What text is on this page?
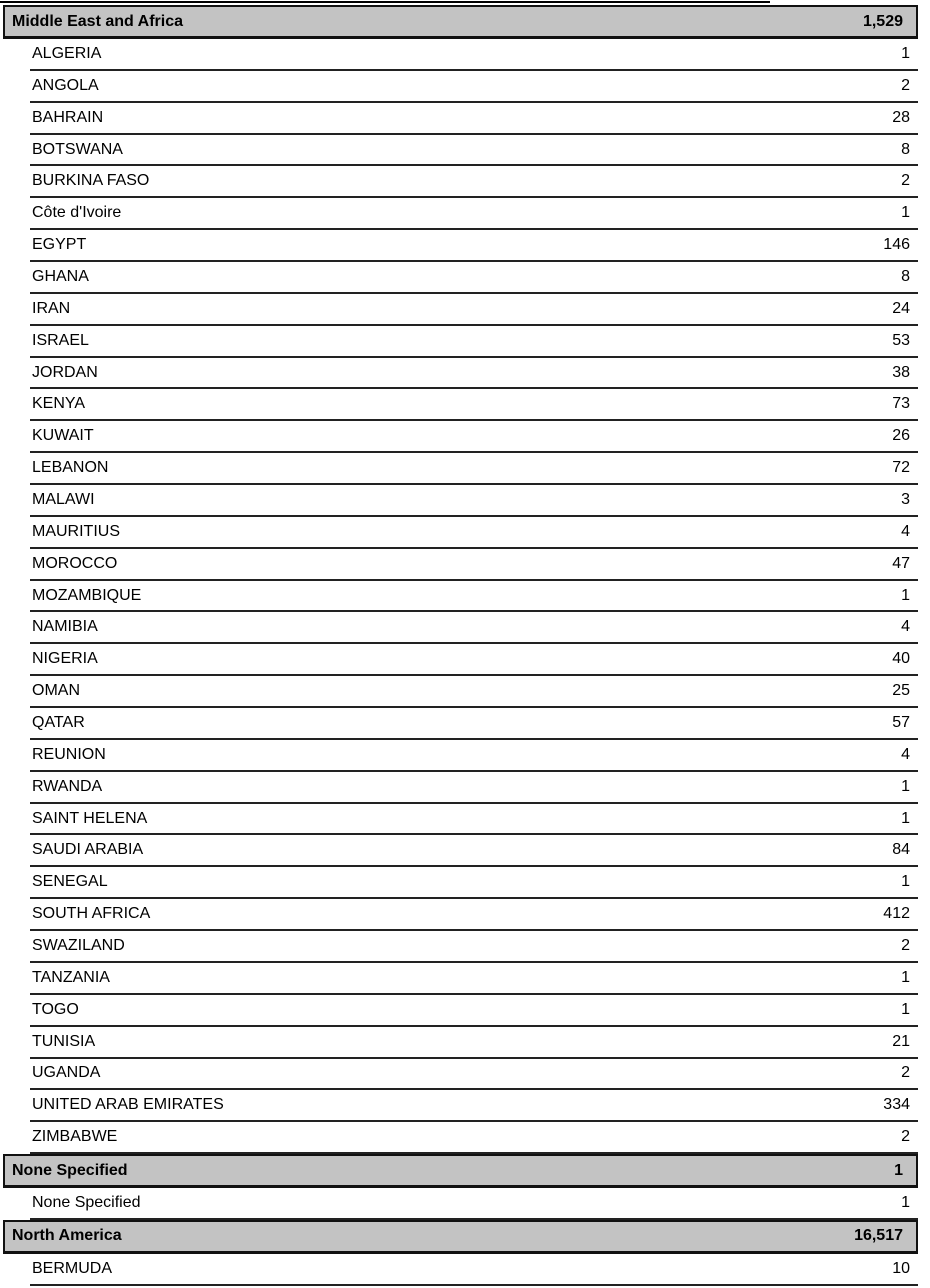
Middle East and Africa	1,529
ALGERIA	1
ANGOLA	2
BAHRAIN	28
BOTSWANA	8
BURKINA FASO	2
Côte d'Ivoire	1
EGYPT	146
GHANA	8
IRAN	24
ISRAEL	53
JORDAN	38
KENYA	73
KUWAIT	26
LEBANON	72
MALAWI	3
MAURITIUS	4
MOROCCO	47
MOZAMBIQUE	1
NAMIBIA	4
NIGERIA	40
OMAN	25
QATAR	57
REUNION	4
RWANDA	1
SAINT HELENA	1
SAUDI ARABIA	84
SENEGAL	1
SOUTH AFRICA	412
SWAZILAND	2
TANZANIA	1
TOGO	1
TUNISIA	21
UGANDA	2
UNITED ARAB EMIRATES	334
ZIMBABWE	2
None Specified	1
None Specified	1
North America	16,517
BERMUDA	10
